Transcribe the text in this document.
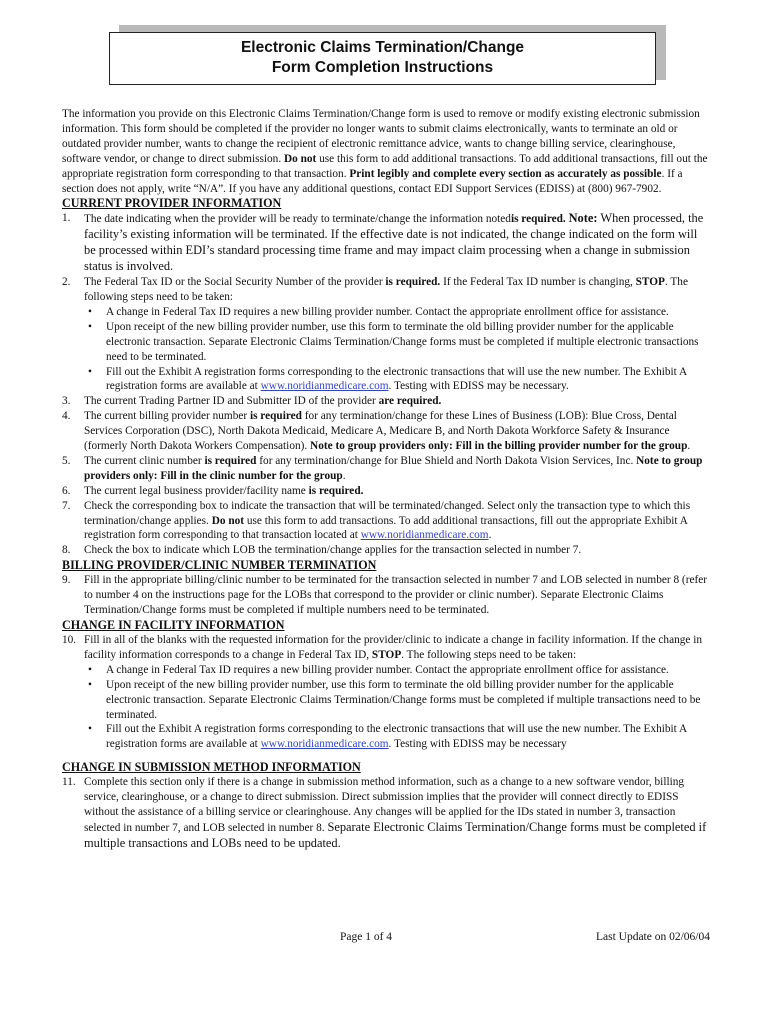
Electronic Claims Termination/Change
Form Completion Instructions

The information you provide on this Electronic Claims Termination/Change form is used to remove or modify existing electronic submission information. This form should be completed if the provider no longer wants to submit claims electronically, wants to terminate an old or outdated provider number, wants to change the recipient of electronic remittance advice, wants to change billing service, clearinghouse, software vendor, or change to direct submission. Do not use this form to add additional transactions. To add additional transactions, fill out the appropriate registration form corresponding to that transaction. Print legibly and complete every section as accurately as possible. If a section does not apply, write “N/A”. If you have any additional questions, contact EDI Support Services (EDISS) at (800) 967-7902.

CURRENT PROVIDER INFORMATION
1. The date indicating when the provider will be ready to terminate/change the information notedis required. Note: When processed, the facility’s existing information will be terminated. If the effective date is not indicated, the change indicated on the form will be processed within EDI’s standard processing time frame and may impact claim processing when a change in submission status is involved.
2. The Federal Tax ID or the Social Security Number of the provider is required. If the Federal Tax ID number is changing, STOP. The following steps need to be taken:
• A change in Federal Tax ID requires a new billing provider number. Contact the appropriate enrollment office for assistance.
• Upon receipt of the new billing provider number, use this form to terminate the old billing provider number for the applicable electronic transaction. Separate Electronic Claims Termination/Change forms must be completed if multiple electronic transactions need to be terminated.
• Fill out the Exhibit A registration forms corresponding to the electronic transactions that will use the new number. The Exhibit A registration forms are available at www.noridianmedicare.com. Testing with EDISS may be necessary.
3. The current Trading Partner ID and Submitter ID of the provider are required.
4. The current billing provider number is required for any termination/change for these Lines of Business (LOB): Blue Cross, Dental Services Corporation (DSC), North Dakota Medicaid, Medicare A, Medicare B, and North Dakota Workforce Safety & Insurance (formerly North Dakota Workers Compensation). Note to group providers only: Fill in the billing provider number for the group.
5. The current clinic number is required for any termination/change for Blue Shield and North Dakota Vision Services, Inc. Note to group providers only: Fill in the clinic number for the group.
6. The current legal business provider/facility name is required.
7. Check the corresponding box to indicate the transaction that will be terminated/changed. Select only the transaction type to which this termination/change applies. Do not use this form to add transactions. To add additional transactions, fill out the appropriate Exhibit A registration form corresponding to that transaction located at www.noridianmedicare.com.
8. Check the box to indicate which LOB the termination/change applies for the transaction selected in number 7.
BILLING PROVIDER/CLINIC NUMBER TERMINATION
9. Fill in the appropriate billing/clinic number to be terminated for the transaction selected in number 7 and LOB selected in number 8 (refer to number 4 on the instructions page for the LOBs that correspond to the provider or clinic number). Separate Electronic Claims Termination/Change forms must be completed if multiple numbers need to be terminated.
CHANGE IN FACILITY INFORMATION
10. Fill in all of the blanks with the requested information for the provider/clinic to indicate a change in facility information. If the change in facility information corresponds to a change in Federal Tax ID, STOP. The following steps need to be taken:
• A change in Federal Tax ID requires a new billing provider number. Contact the appropriate enrollment office for assistance.
• Upon receipt of the new billing provider number, use this form to terminate the old billing provider number for the applicable electronic transaction. Separate Electronic Claims Termination/Change forms must be completed if multiple transactions need to be terminated.
• Fill out the Exhibit A registration forms corresponding to the electronic transactions that will use the new number. The Exhibit A registration forms are available at www.noridianmedicare.com. Testing with EDISS may be necessary
CHANGE IN SUBMISSION METHOD INFORMATION
11. Complete this section only if there is a change in submission method information, such as a change to a new software vendor, billing service, clearinghouse, or a change to direct submission. Direct submission implies that the provider will connect directly to EDISS without the assistance of a billing service or clearinghouse. Any changes will be applied for the IDs stated in number 3, transaction selected in number 7, and LOB selected in number 8. Separate Electronic Claims Termination/Change forms must be completed if multiple transactions and LOBs need to be updated.
Page 1 of 4	Last Update on 02/06/04
